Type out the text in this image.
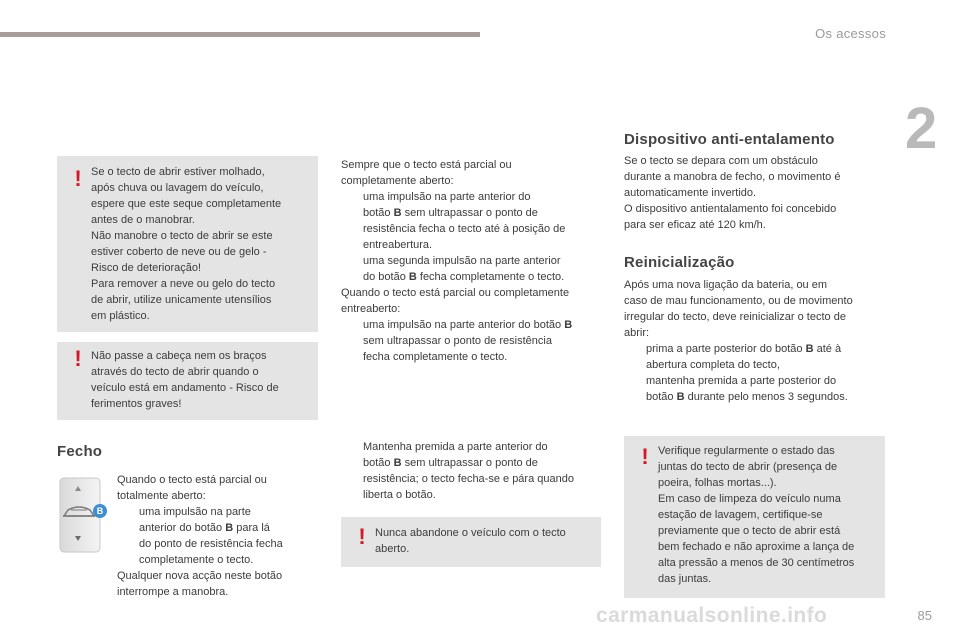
Os acessos
2
! Se o tecto de abrir estiver molhado,
após chuva ou lavagem do veículo,
espere que este seque completamente
antes de o manobrar.
Não manobre o tecto de abrir se este
estiver coberto de neve ou de gelo -
Risco de deterioração!
Para remover a neve ou gelo do tecto
de abrir, utilize unicamente utensílios
em plástico.
! Não passe a cabeça nem os braços
através do tecto de abrir quando o
veículo está em andamento - Risco de
ferimentos graves!
Fecho
B
Quando o tecto está parcial ou
totalmente aberto:
uma impulsão na parte
anterior do botão B para lá
do ponto de resistência fecha
completamente o tecto.
Qualquer nova acção neste botão
interrompe a manobra.
Sempre que o tecto está parcial ou
completamente aberto:
uma impulsão na parte anterior do
botão B sem ultrapassar o ponto de
resistência fecha o tecto até à posição de
entreabertura.
uma segunda impulsão na parte anterior
do botão B fecha completamente o tecto.
Quando o tecto está parcial ou completamente
entreaberto:
uma impulsão na parte anterior do botão B
sem ultrapassar o ponto de resistência
fecha completamente o tecto.
Mantenha premida a parte anterior do
botão B sem ultrapassar o ponto de
resistência; o tecto fecha-se e pára quando
liberta o botão.
! Nunca abandone o veículo com o tecto
aberto.
Dispositivo anti-entalamento
Se o tecto se depara com um obstáculo
durante a manobra de fecho, o movimento é
automaticamente invertido.
O dispositivo antientalamento foi concebido
para ser eficaz até 120 km/h.
Reinicialização
Após uma nova ligação da bateria, ou em
caso de mau funcionamento, ou de movimento
irregular do tecto, deve reinicializar o tecto de
abrir:
prima a parte posterior do botão B até à
abertura completa do tecto,
mantenha premida a parte posterior do
botão B durante pelo menos 3 segundos.
! Verifique regularmente o estado das
juntas do tecto de abrir (presença de
poeira, folhas mortas...).
Em caso de limpeza do veículo numa
estação de lavagem, certifique-se
previamente que o tecto de abrir está
bem fechado e não aproxime a lança de
alta pressão a menos de 30 centímetros
das juntas.
carmanualsonline.info	85
